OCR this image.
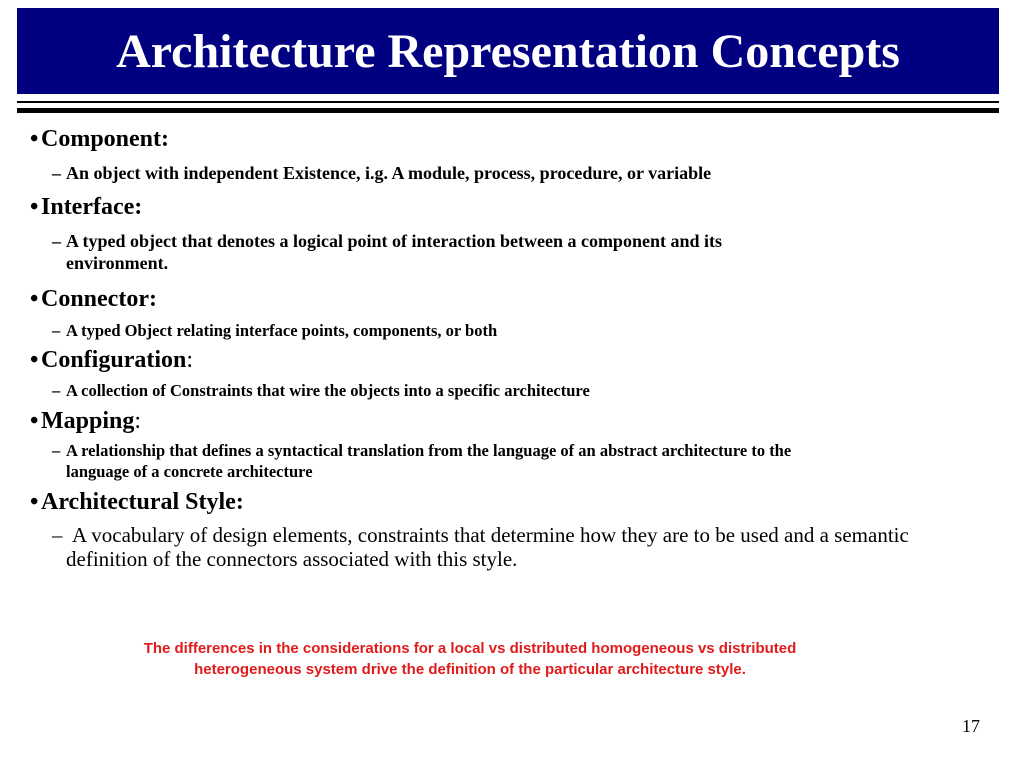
Architecture Representation Concepts
• Component:
– An object with independent Existence, i.g. A module, process, procedure, or variable
• Interface:
– A typed object that denotes a logical point of interaction between a component and its
environment.
• Connector:
– A typed Object relating interface points, components, or both
• Configuration:
– A collection of Constraints that wire the objects into a specific architecture
• Mapping:
– A relationship that defines a syntactical translation from the language of an abstract architecture to the
language of a concrete architecture
• Architectural Style:
– A vocabulary of design elements, constraints that determine how they are to be used and a semantic
definition of the connectors associated with this style.
The differences in the considerations for a local vs distributed homogeneous vs distributed
heterogeneous system drive the definition of the particular architecture style.
17
